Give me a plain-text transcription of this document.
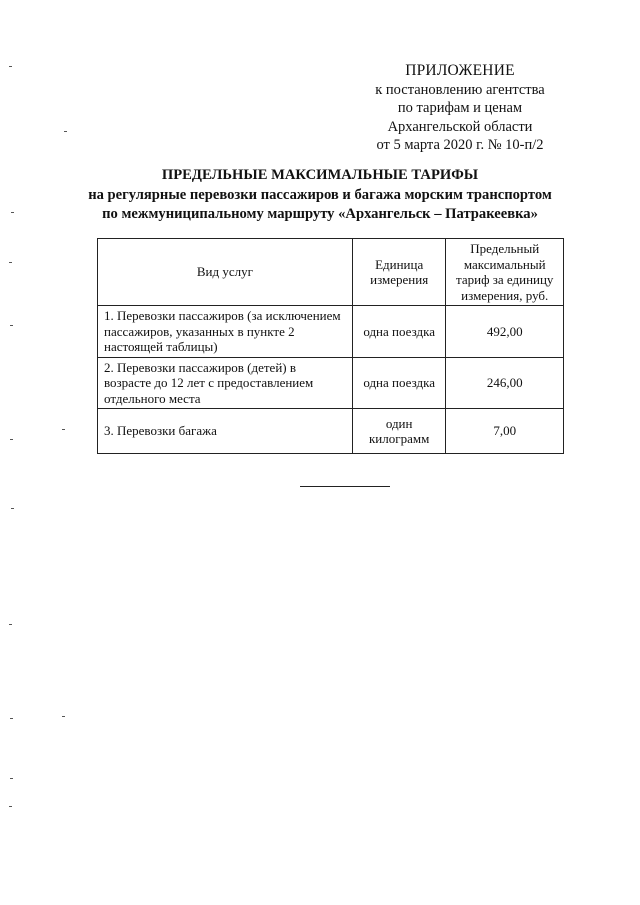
ПРИЛОЖЕНИЕ
к постановлению агентства
по тарифам и ценам
Архангельской области
от 5 марта 2020 г. № 10-п/2
ПРЕДЕЛЬНЫЕ МАКСИМАЛЬНЫЕ ТАРИФЫ
на регулярные перевозки пассажиров и багажа морским транспортом
по межмуниципальному маршруту «Архангельск – Патракеевка»
Вид услуг	Единица измерения	Предельный максимальный тариф за единицу измерения, руб.
1. Перевозки пассажиров (за исключением пассажиров, указанных в пункте 2 настоящей таблицы)	одна поездка	492,00
2. Перевозки пассажиров (детей) в возрасте до 12 лет с предоставлением отдельного места	одна поездка	246,00
3. Перевозки багажа	один килограмм	7,00
